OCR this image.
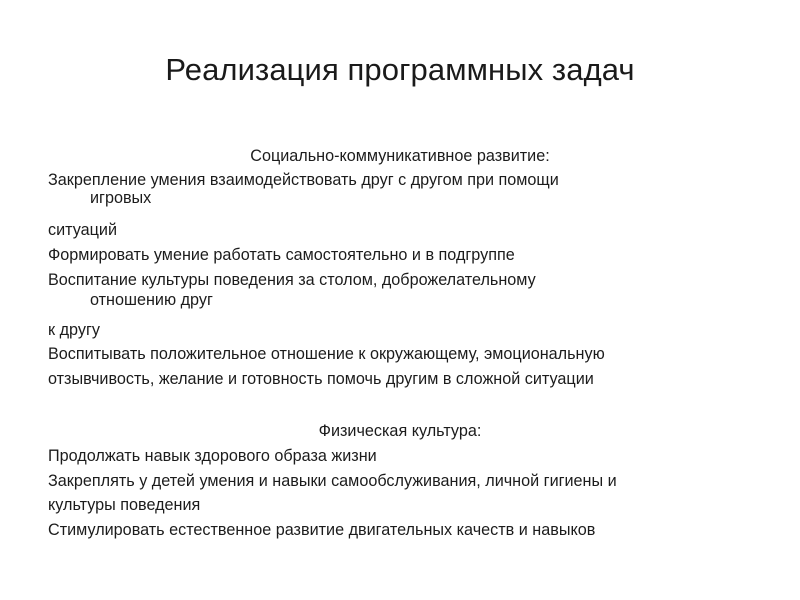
Реализация программных задач
Социально-коммуникативное развитие:
Закрепление умения взаимодействовать друг с другом при помощи
игровых
ситуаций
Формировать умение работать самостоятельно и в подгруппе
Воспитание культуры поведения за столом, доброжелательному
отношению друг
к другу
Воспитывать положительное отношение к окружающему, эмоциональную
отзывчивость, желание и готовность помочь другим в сложной ситуации
Физическая культура:
Продолжать навык здорового образа жизни
Закреплять у детей умения и навыки самообслуживания, личной гигиены и
культуры поведения
Стимулировать естественное развитие двигательных качеств и навыков
